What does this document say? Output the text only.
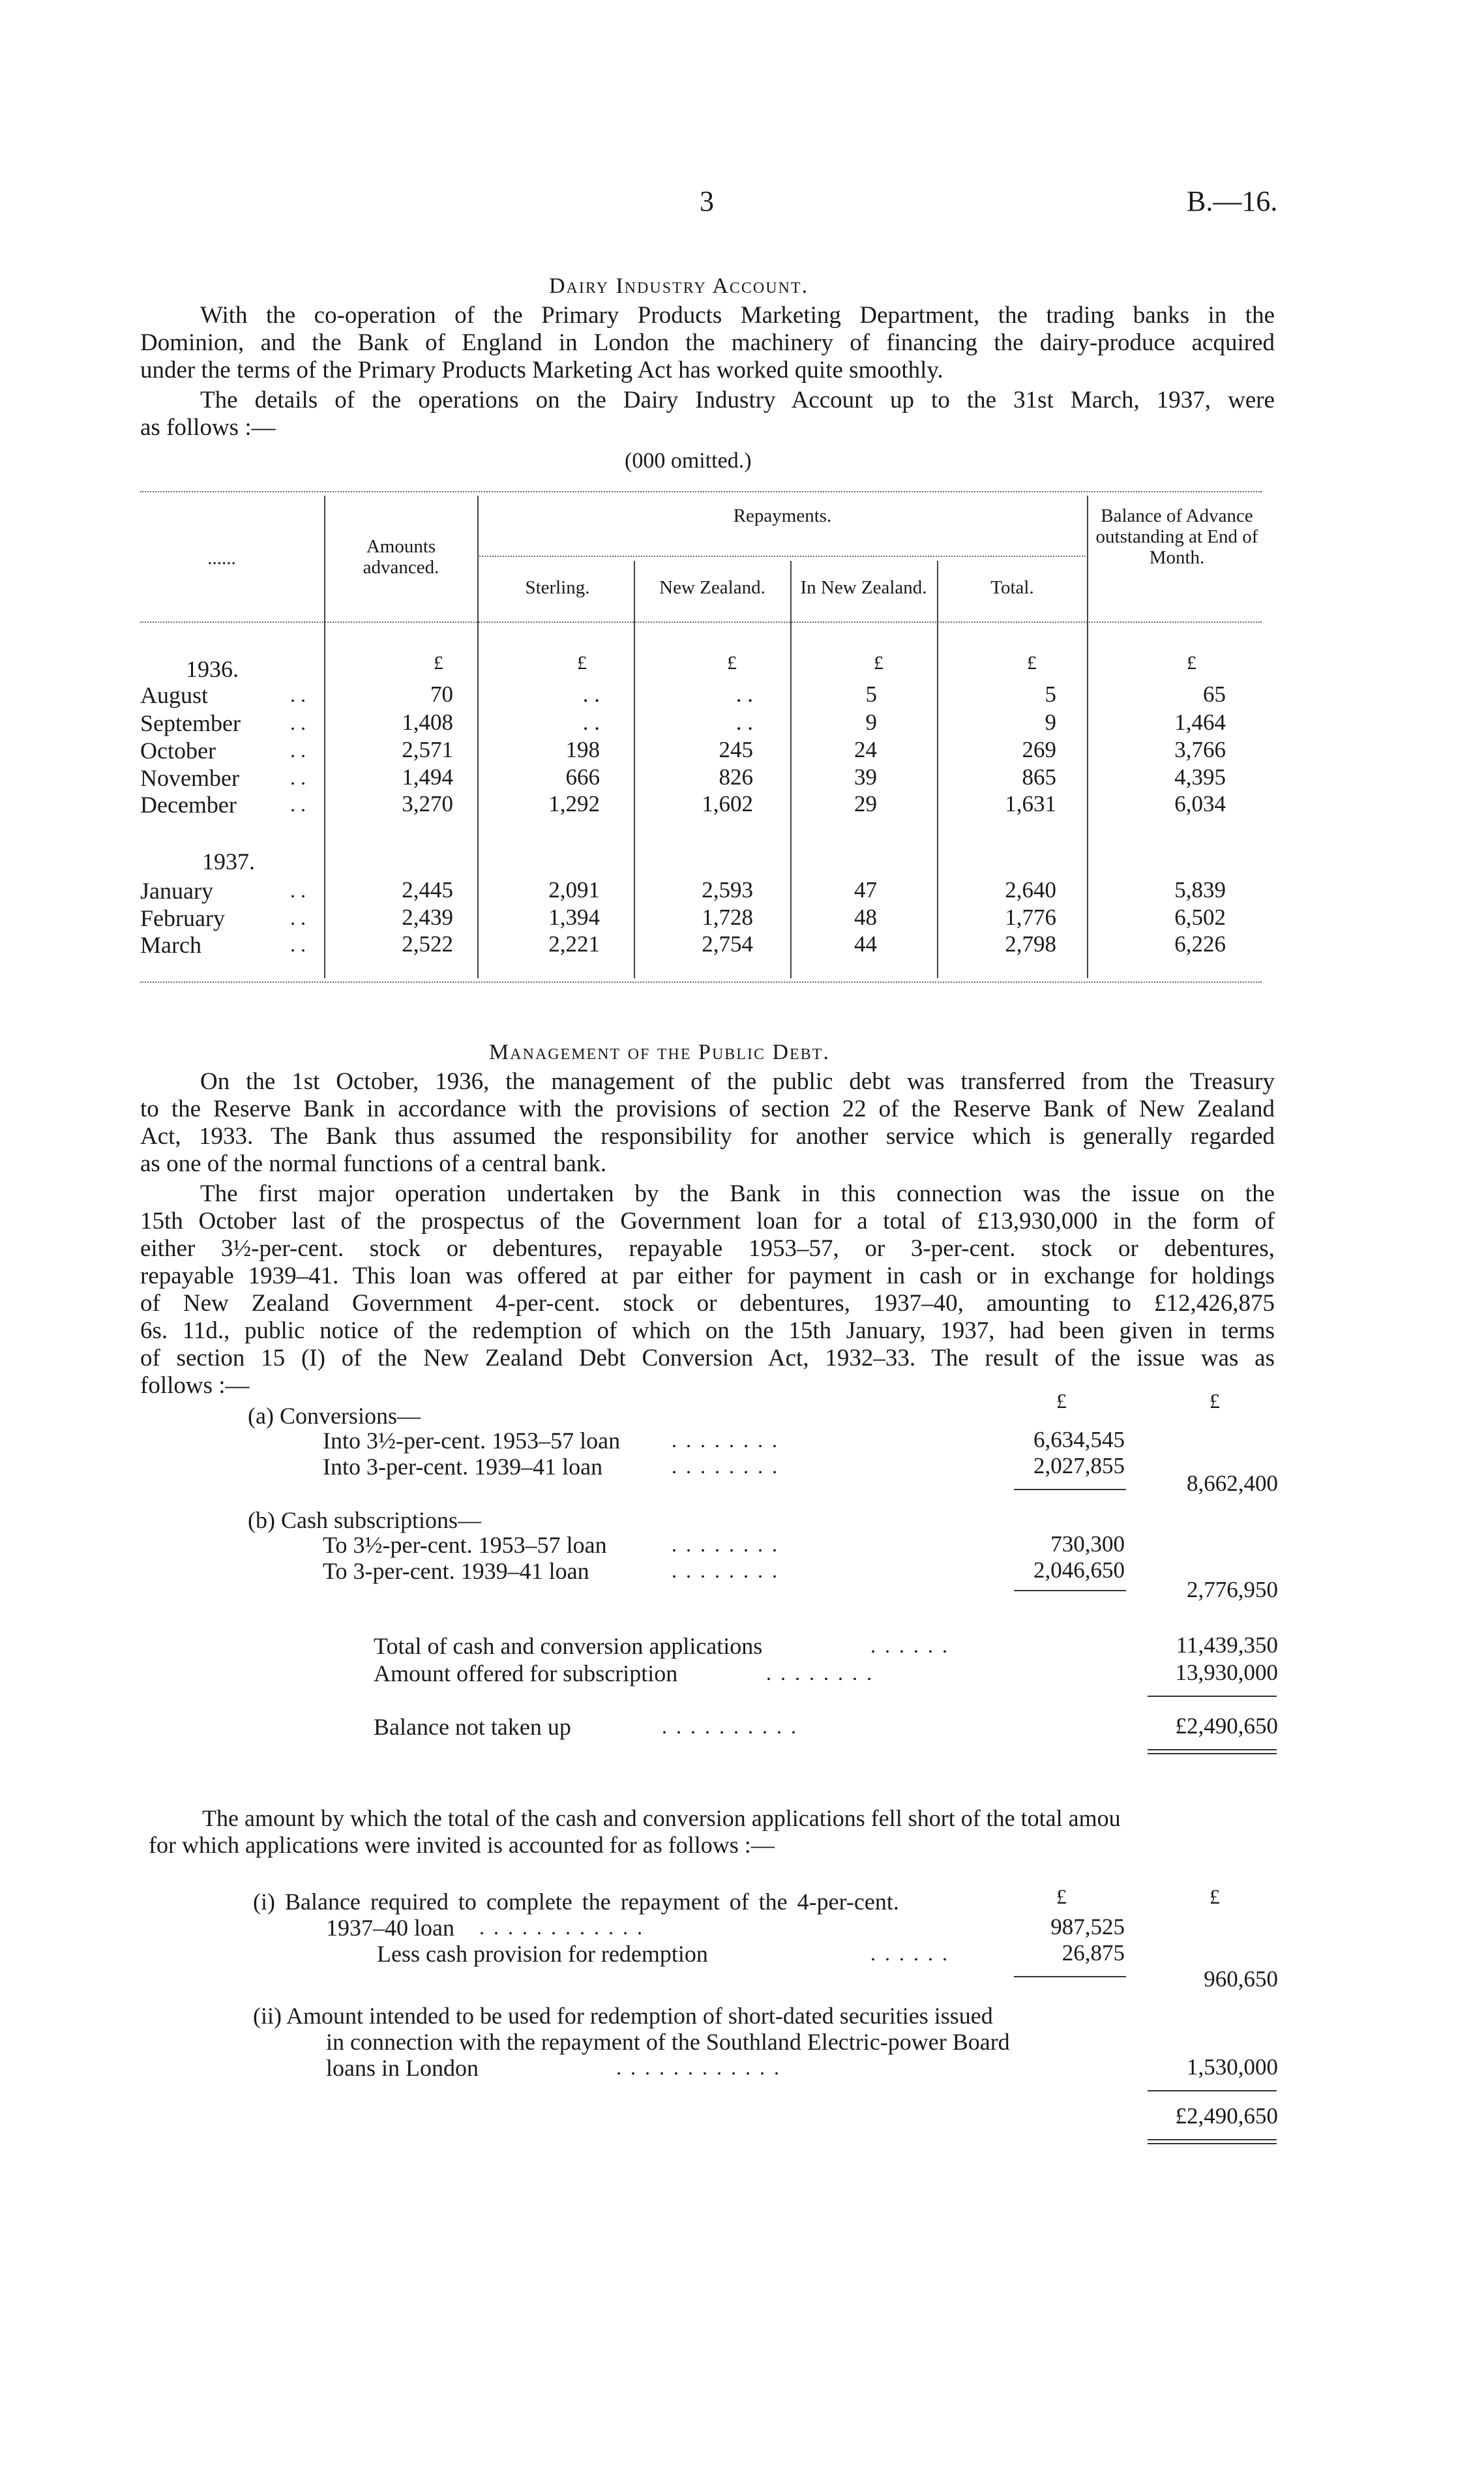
3	B.—16.
Dairy Industry Account.
With the co-operation of the Primary Products Marketing Department, the trading banks in the
Dominion, and the Bank of England in London the machinery of financing the dairy-produce acquired
under the terms of the Primary Products Marketing Act has worked quite smoothly.
The details of the operations on the Dairy Industry Account up to the 31st March, 1937, were
as follows :—
(000 omitted.)
......
Amounts advanced.
Repayments.
Sterling.	New Zealand.	In New Zealand.	Total.
Balance of Advance outstanding at End of Month.
£	£	£	£	£	£
1936.
1937.
August	. .	70	. .	. .	5	5	65
September . .	1,408	. .	. .	9	9	1,464
October	. .	2,571	198	245	24	269	3,766
November . .	1,494	666	826	39	865	4,395
December	. .	3,270	1,292	1,602	29	1,631	6,034
January	. .	2,445	2,091	2,593	47	2,640	5,839
February	. .	2,439	1,394	1,728	48	1,776	6,502
March	. .	2,522	2,221	2,754	44	2,798	6,226
Management of the Public Debt.
On the 1st October, 1936, the management of the public debt was transferred from the Treasury
to the Reserve Bank in accordance with the provisions of section 22 of the Reserve Bank of New Zealand
Act, 1933. The Bank thus assumed the responsibility for another service which is generally regarded
as one of the normal functions of a central bank.
The first major operation undertaken by the Bank in this connection was the issue on the
15th October last of the prospectus of the Government loan for a total of £13,930,000 in the form of
either 3½-per-cent. stock or debentures, repayable 1953–57, or 3-per-cent. stock or debentures,
repayable 1939–41. This loan was offered at par either for payment in cash or in exchange for holdings
of New Zealand Government 4-per-cent. stock or debentures, 1937–40, amounting to £12,426,875
6s. 11d., public notice of the redemption of which on the 15th January, 1937, had been given in terms
of section 15 (I) of the New Zealand Debt Conversion Act, 1932–33. The result of the issue was as
follows :—
£	£
(a) Conversions—
Into 3½-per-cent. 1953–57 loan . . . . . . . .	6,634,545
Into 3-per-cent. 1939–41 loan	. . . . . . . .	2,027,855
8,662,400
(b) Cash subscriptions—
To 3½-per-cent. 1953–57 loan	. . . . . . . .	730,300
To 3-per-cent. 1939–41 loan	. . . . . . . .	2,046,650
2,776,950
Total of cash and conversion applications	. . . . . .	11,439,350
Amount offered for subscription	. . . . . . . .	13,930,000
Balance not taken up	. . . . . . . . . .	£2,490,650
The amount by which the total of the cash and conversion applications fell short of the total amou
for which applications were invited is accounted for as follows :—
£	£
(i) Balance required to complete the repayment of the 4-per-cent.
1937–40 loan . . . . . . . . . . . .	987,525
Less cash provision for redemption	. . . . . .	26,875
960,650
(ii) Amount intended to be used for redemption of short-dated securities issued
in connection with the repayment of the Southland Electric-power Board
loans in London	. . . . . . . . . . . .	1,530,000
£2,490,650
